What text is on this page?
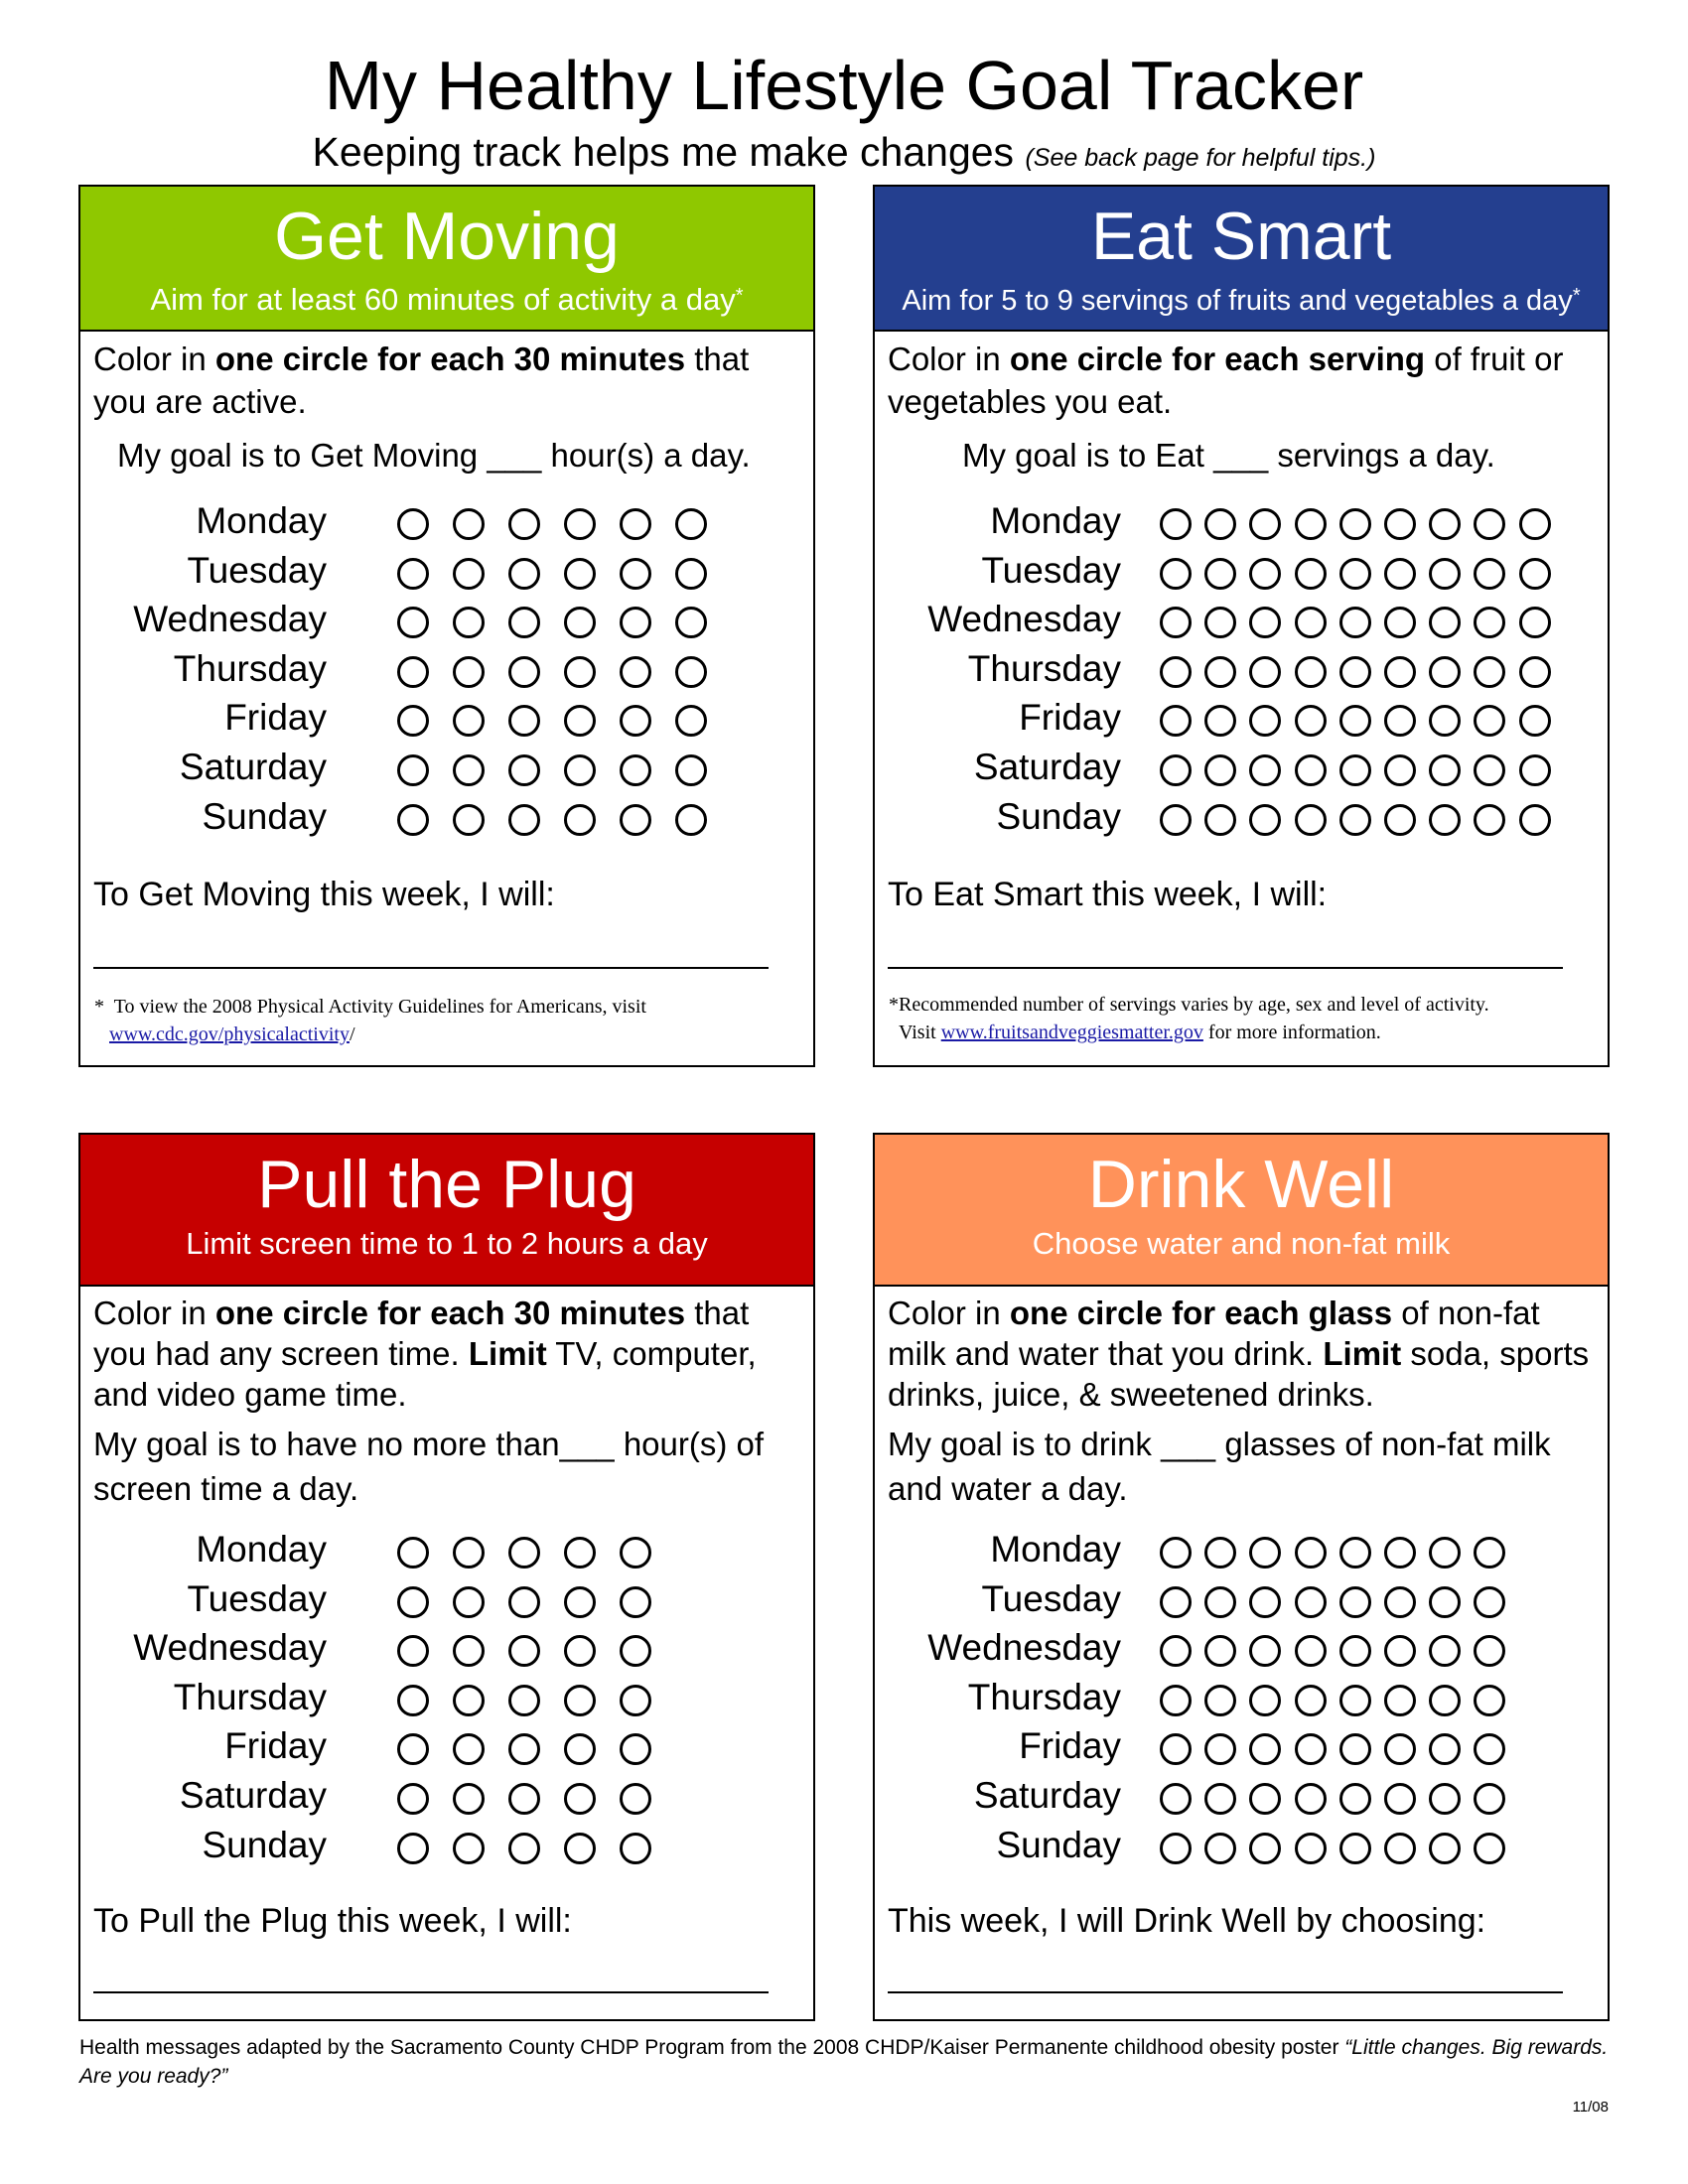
My Healthy Lifestyle Goal Tracker
Keeping track helps me make changes (See back page for helpful tips.)
Get Moving
Aim for at least 60 minutes of activity a day*
Color in one circle for each 30 minutes that you are active.
My goal is to Get Moving ___ hour(s) a day.
Monday
Tuesday
Wednesday
Thursday
Friday
Saturday
Sunday
To Get Moving this week, I will:
* To view the 2008 Physical Activity Guidelines for Americans, visit
www.cdc.gov/physicalactivity/
Eat Smart
Aim for 5 to 9 servings of fruits and vegetables a day*
Color in one circle for each serving of fruit or vegetables you eat.
My goal is to Eat ___ servings a day.
Monday
Tuesday
Wednesday
Thursday
Friday
Saturday
Sunday
To Eat Smart this week, I will:
*Recommended number of servings varies by age, sex and level of activity.
Visit www.fruitsandveggiesmatter.gov for more information.
Pull the Plug
Limit screen time to 1 to 2 hours a day
Color in one circle for each 30 minutes that you had any screen time. Limit TV, computer, and video game time.
My goal is to have no more than___ hour(s) of screen time a day.
Monday
Tuesday
Wednesday
Thursday
Friday
Saturday
Sunday
To Pull the Plug this week, I will:
Drink Well
Choose water and non-fat milk
Color in one circle for each glass of non-fat milk and water that you drink. Limit soda, sports drinks, juice, & sweetened drinks.
My goal is to drink ___ glasses of non-fat milk and water a day.
Monday
Tuesday
Wednesday
Thursday
Friday
Saturday
Sunday
This week, I will Drink Well by choosing:
Health messages adapted by the Sacramento County CHDP Program from the 2008 CHDP/Kaiser Permanente childhood obesity poster “Little changes. Big rewards. Are you ready?”
11/08
